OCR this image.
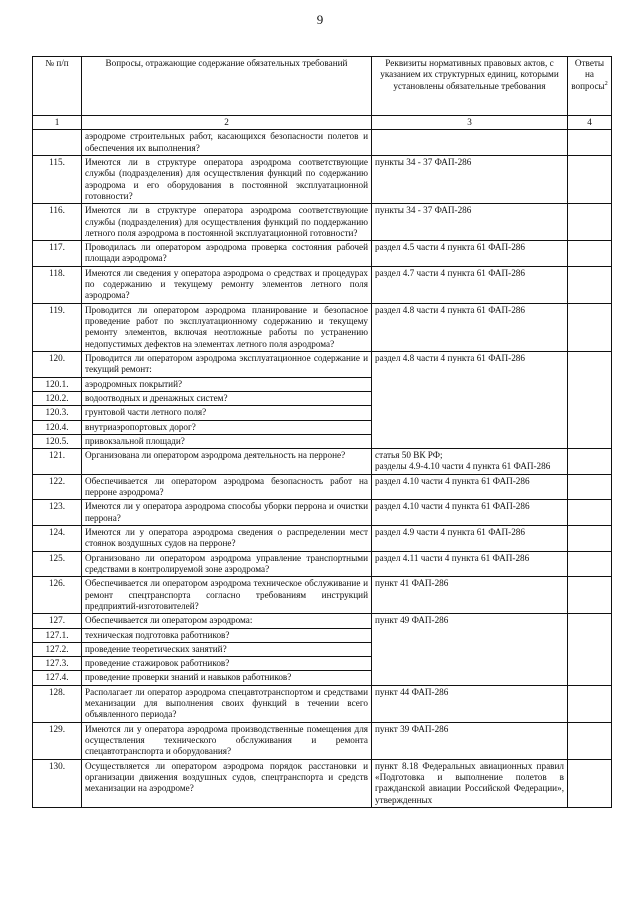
9
№ п/п	Вопросы, отражающие содержание обязательных требований	Реквизиты нормативных правовых актов, с указанием их структурных единиц, которыми установлены обязательные требования	Ответы на вопросы$^2$
1	2	3	4
	аэродроме строительных работ, касающихся безопасности полетов и обеспечения их выполнения?		
115.	Имеются ли в структуре оператора аэродрома соответствующие службы (подразделения) для осуществления функций по содержанию аэродрома и его оборудования в постоянной эксплуатационной готовности?	пункты 34 - 37 ФАП-286	
116.	Имеются ли в структуре оператора аэродрома соответствующие службы (подразделения) для осуществления функций по поддержанию летного поля аэродрома в постоянной эксплуатационной готовности?	пункты 34 - 37 ФАП-286	
117.	Проводилась ли оператором аэродрома проверка состояния рабочей площади аэродрома?	раздел 4.5 части 4 пункта 61 ФАП-286	
118.	Имеются ли сведения у оператора аэродрома о средствах и процедурах по содержанию и текущему ремонту элементов летного поля аэродрома?	раздел 4.7 части 4 пункта 61 ФАП-286	
119.	Проводится ли оператором аэродрома планирование и безопасное проведение работ по эксплуатационному содержанию и текущему ремонту элементов, включая неотложные работы по устранению недопустимых дефектов на элементах летного поля аэродрома?	раздел 4.8 части 4 пункта 61 ФАП-286	
120.	Проводится ли оператором аэродрома эксплуатационное содержание и текущий ремонт:	раздел 4.8 части 4 пункта 61 ФАП-286	
120.1.	аэродромных покрытий?		
120.2.	водоотводных и дренажных систем?		
120.3.	грунтовой части летного поля?		
120.4.	внутриаэропортовых дорог?		
120.5.	привокзальной площади?		
121.	Организована ли оператором аэродрома деятельность на перроне?	статья 50 ВК РФ;
разделы 4.9-4.10 части 4 пункта 61 ФАП-286	

122.	Обеспечивается ли оператором аэродрома безопасность работ на перроне аэродрома?	раздел 4.10 части 4 пункта 61 ФАП-286	
123.	Имеются ли у оператора аэродрома способы уборки перрона и очистки перрона?	раздел 4.10 части 4 пункта 61 ФАП-286	
124.	Имеются ли у оператора аэродрома сведения о распределении мест стоянок воздушных судов на перроне?	раздел 4.9 части 4 пункта 61 ФАП-286	
125.	Организовано ли оператором аэродрома управление транспортными средствами в контролируемой зоне аэродрома?	раздел 4.11 части 4 пункта 61 ФАП-286	
126.	Обеспечивается ли оператором аэродрома техническое обслуживание и ремонт спецтранспорта согласно требованиям инструкций предприятий-изготовителей?	пункт 41 ФАП-286	
127.	Обеспечивается ли оператором аэродрома:	пункт 49 ФАП-286	
127.1.	техническая подготовка работников?		
127.2.	проведение теоретических занятий?		
127.3.	проведение стажировок работников?		
127.4.	проведение проверки знаний и навыков работников?		
128.	Располагает ли оператор аэродрома спецавтотранспортом и средствами механизации для выполнения своих функций в течении всего объявленного периода?	пункт 44 ФАП-286	
129.	Имеются ли у оператора аэродрома производственные помещения для осуществления технического обслуживания и ремонта спецавтотранспорта и оборудования?	пункт 39 ФАП-286	
130.	Осуществляется ли оператором аэродрома порядок расстановки и организации движения воздушных судов, спецтранспорта и средств механизации на аэродроме?	пункт 8.18 Федеральных авиационных правил «Подготовка и выполнение полетов в гражданской авиации Российской Федерации», утвержденных	
